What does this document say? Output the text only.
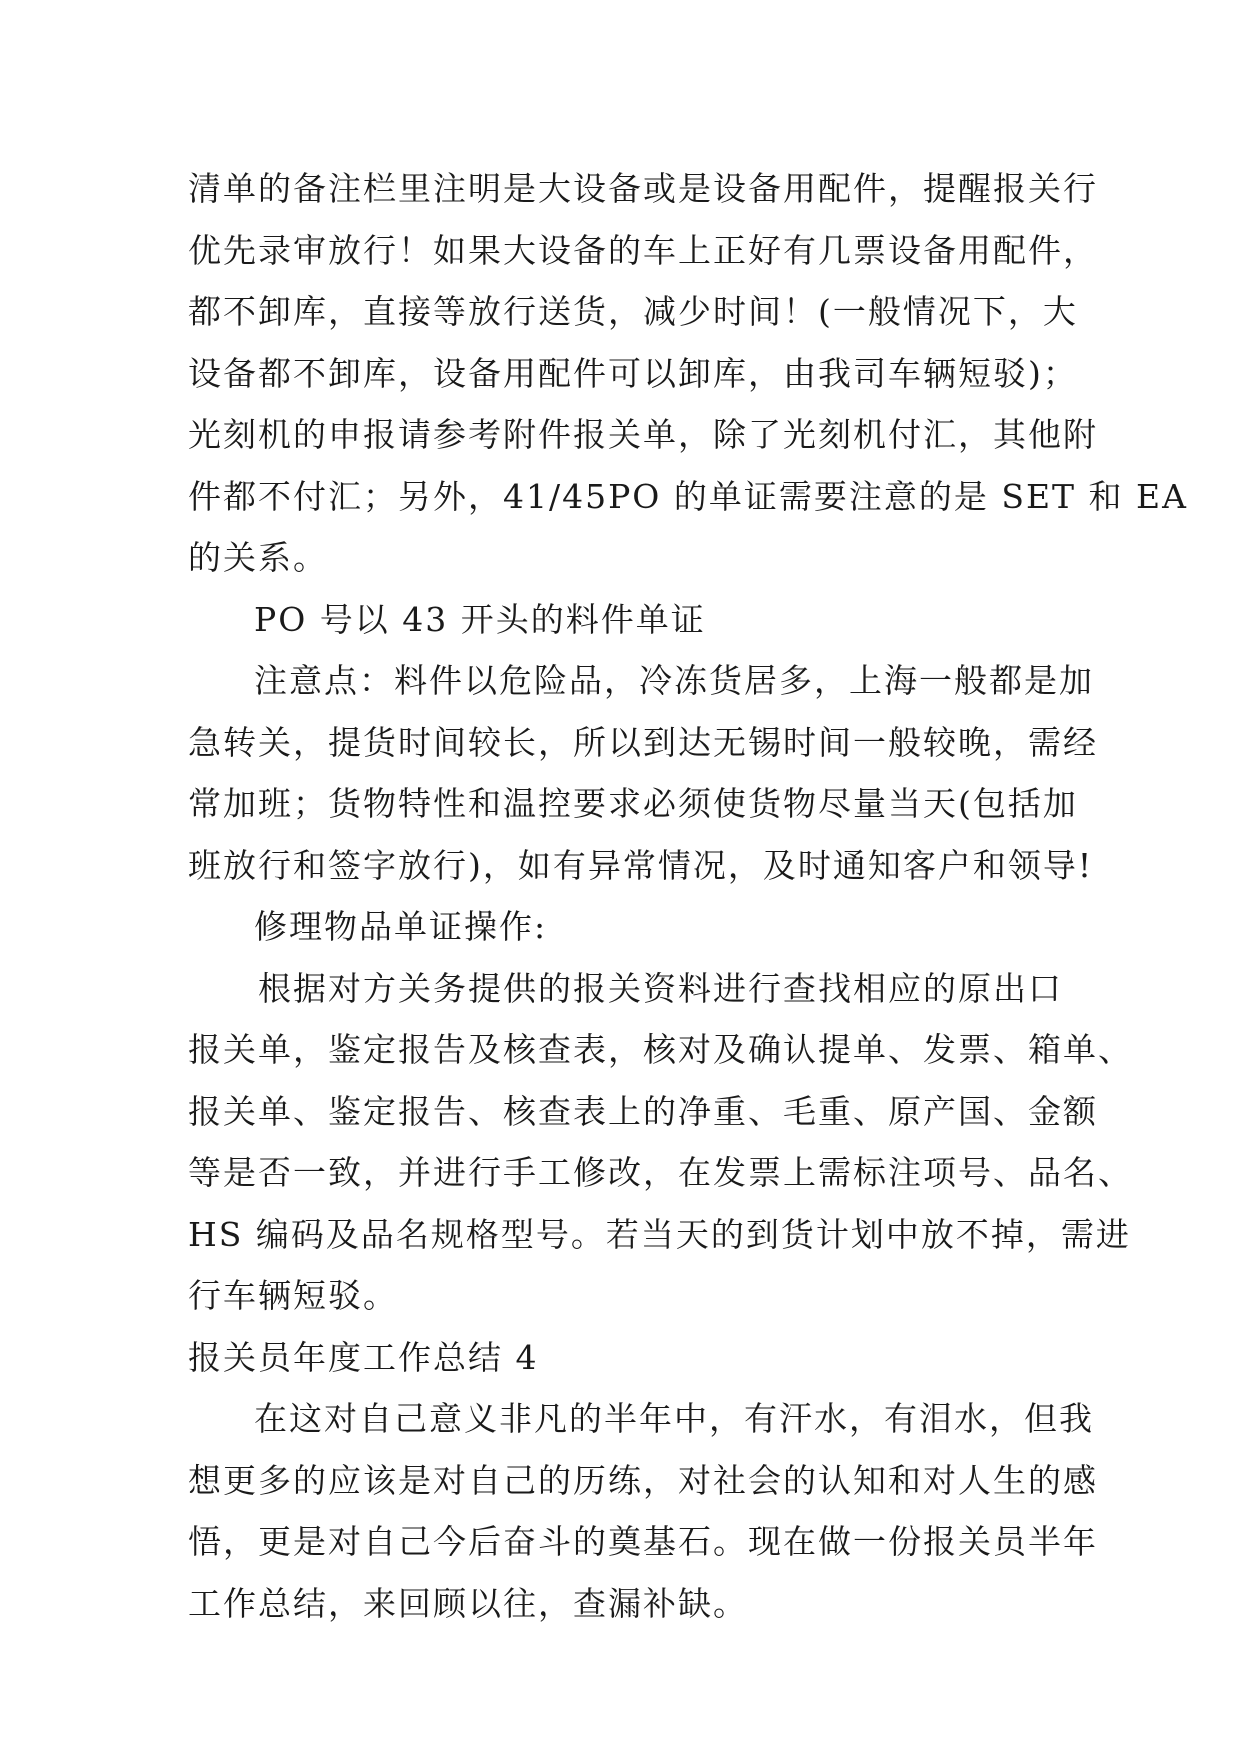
清单的备注栏里注明是大设备或是设备用配件，提醒报关行
优先录审放行！如果大设备的车上正好有几票设备用配件，
都不卸库，直接等放行送货，减少时间！(一般情况下，大
设备都不卸库，设备用配件可以卸库，由我司车辆短驳)；
光刻机的申报请参考附件报关单，除了光刻机付汇，其他附
件都不付汇；另外，41/45PO 的单证需要注意的是 SET 和 EA
的关系。
PO 号以 43 开头的料件单证
注意点：料件以危险品，冷冻货居多，上海一般都是加
急转关，提货时间较长，所以到达无锡时间一般较晚，需经
常加班；货物特性和温控要求必须使货物尽量当天(包括加
班放行和签字放行)，如有异常情况，及时通知客户和领导!
修理物品单证操作:
根据对方关务提供的报关资料进行查找相应的原出口
报关单，鉴定报告及核查表，核对及确认提单、发票、箱单、
报关单、鉴定报告、核查表上的净重、毛重、原产国、金额
等是否一致，并进行手工修改，在发票上需标注项号、品名、
HS 编码及品名规格型号。若当天的到货计划中放不掉，需进
行车辆短驳。
报关员年度工作总结 4
在这对自己意义非凡的半年中，有汗水，有泪水，但我
想更多的应该是对自己的历练，对社会的认知和对人生的感
悟，更是对自己今后奋斗的奠基石。现在做一份报关员半年
工作总结，来回顾以往，查漏补缺。
